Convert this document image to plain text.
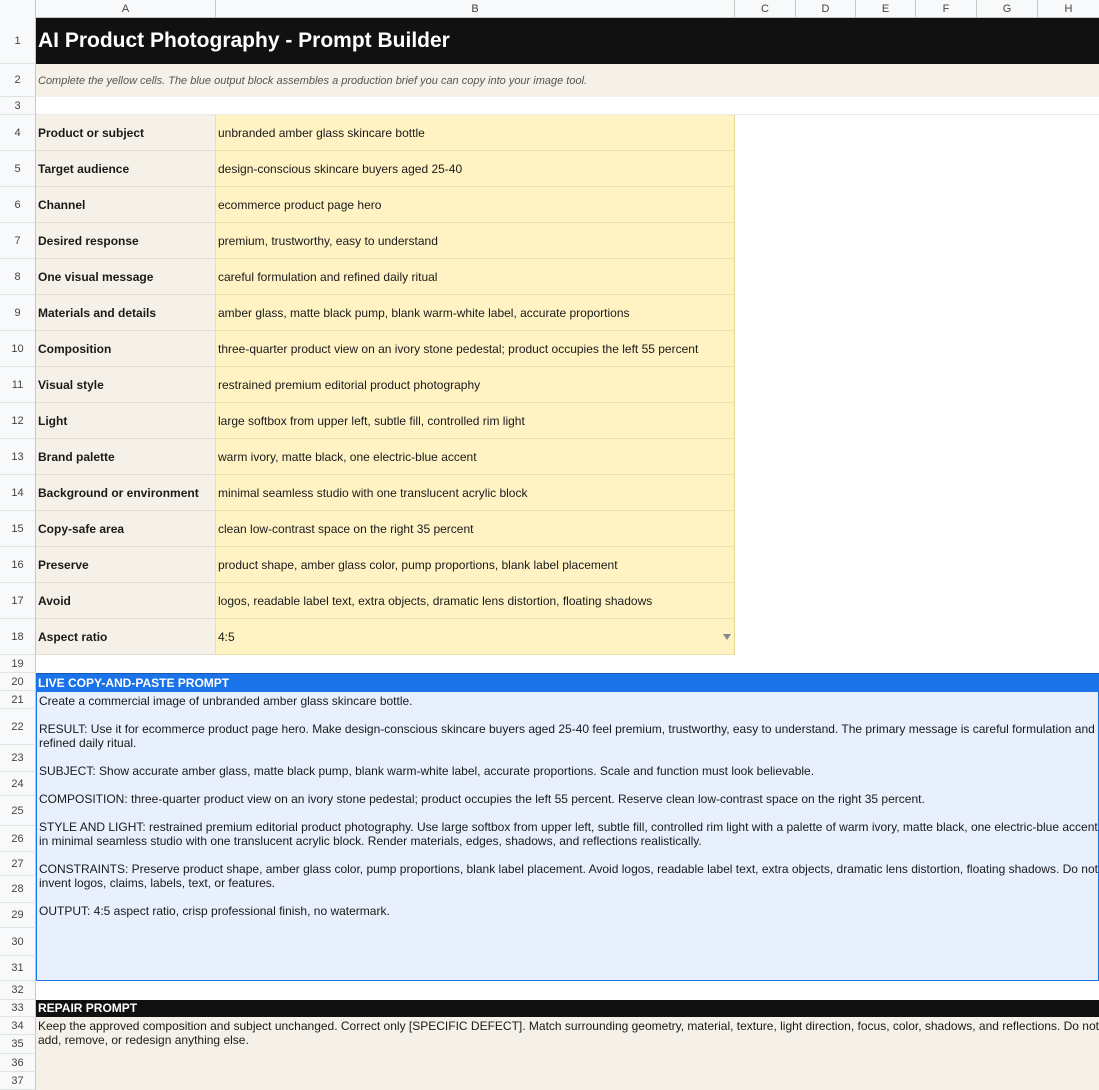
A	B	C	D	E	F	G	H
1
2
3
4
5
6
7
8
9
10
11
12
13
14
15
16
17
18
19
20
21
22
23
24
25
26
27
28
29
30
31
32
33
34
35
36
37
AI Product Photography - Prompt Builder
Complete the yellow cells. The blue output block assembles a production brief you can copy into your image tool.
Product or subject	unbranded amber glass skincare bottle
Target audience	design-conscious skincare buyers aged 25-40
Channel	ecommerce product page hero
Desired response	premium, trustworthy, easy to understand
One visual message	careful formulation and refined daily ritual
Materials and details	amber glass, matte black pump, blank warm-white label, accurate proportions
Composition	three-quarter product view on an ivory stone pedestal; product occupies the left 55 percent
Visual style	restrained premium editorial product photography
Light	large softbox from upper left, subtle fill, controlled rim light
Brand palette	warm ivory, matte black, one electric-blue accent
Background or environment	minimal seamless studio with one translucent acrylic block
Copy-safe area	clean low-contrast space on the right 35 percent
Preserve	product shape, amber glass color, pump proportions, blank label placement
Avoid	logos, readable label text, extra objects, dramatic lens distortion, floating shadows
Aspect ratio	4:5
LIVE COPY-AND-PASTE PROMPT
Create a commercial image of unbranded amber glass skincare bottle.

RESULT: Use it for ecommerce product page hero. Make design-conscious skincare buyers aged 25-40 feel premium, trustworthy, easy to understand. The primary message is careful formulation and refined daily ritual.

SUBJECT: Show accurate amber glass, matte black pump, blank warm-white label, accurate proportions. Scale and function must look believable.

COMPOSITION: three-quarter product view on an ivory stone pedestal; product occupies the left 55 percent. Reserve clean low-contrast space on the right 35 percent.

STYLE AND LIGHT: restrained premium editorial product photography. Use large softbox from upper left, subtle fill, controlled rim light with a palette of warm ivory, matte black, one electric-blue accent in minimal seamless studio with one translucent acrylic block. Render materials, edges, shadows, and reflections realistically.

CONSTRAINTS: Preserve product shape, amber glass color, pump proportions, blank label placement. Avoid logos, readable label text, extra objects, dramatic lens distortion, floating shadows. Do not invent logos, claims, labels, text, or features.

OUTPUT: 4:5 aspect ratio, crisp professional finish, no watermark.
REPAIR PROMPT
Keep the approved composition and subject unchanged. Correct only [SPECIFIC DEFECT]. Match surrounding geometry, material, texture, light direction, focus, color, shadows, and reflections. Do not add, remove, or redesign anything else.
